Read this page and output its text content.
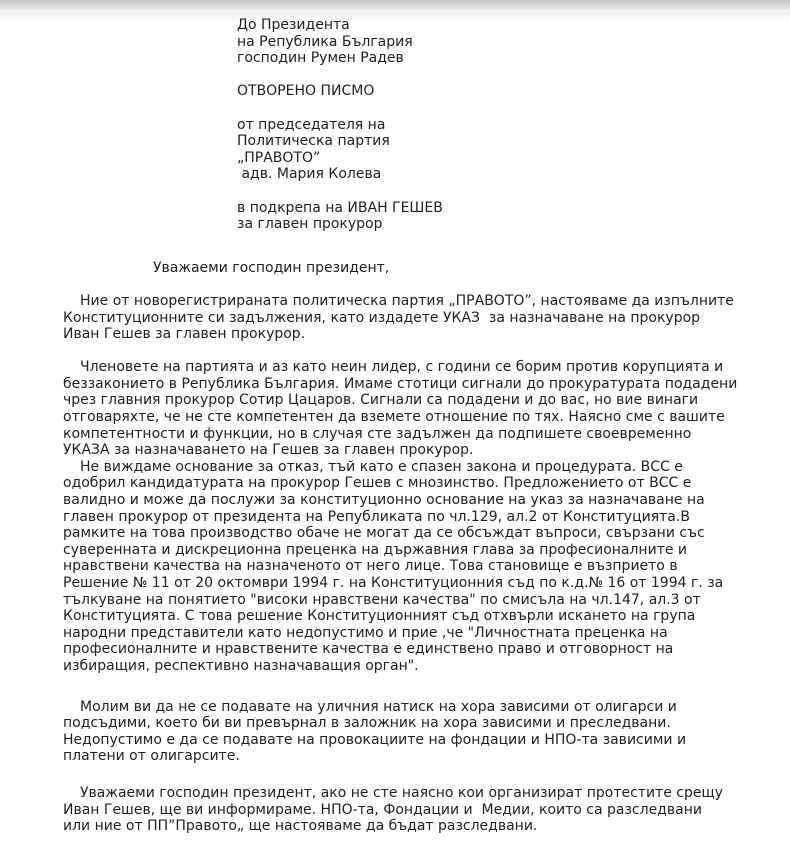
До Президента
на Република България
господин Румен Радев
ОТВОРЕНО ПИСМО
от председателя на
Политическа партия
„ПРАВОТО”
адв. Мария Колева
в подкрепа на ИВАН ГЕШЕВ
за главен прокурор
Уважаеми господин президент,
Ние от новорегистрираната политическа партия „ПРАВОТО”, настояваме да изпълните
Конституционните си задължения, като издадете УКАЗ  за назначаване на прокурор
Иван Гешев за главен прокурор.
Членовете на партията и аз като неин лидер, с години се борим против корупцията и
беззаконието в Република България. Имаме стотици сигнали до прокуратурата подадени
чрез главния прокурор Сотир Цацаров. Сигнали са подадени и до вас, но вие винаги
отговаряхте, че не сте компетентен да вземете отношение по тях. Наясно сме с вашите
компетентности и функции, но в случая сте задължен да подпишете своевременно
УКАЗА за назначаването на Гешев за главен прокурор.
Не виждаме основание за отказ, тъй като е спазен закона и процедурата. ВСС е
одобрил кандидатурата на прокурор Гешев с мнозинство. Предложението от ВСС е
валидно и може да послужи за конституционно основание на указ за назначаване на
главен прокурор от президента на Републиката по чл.129, ал.2 от Конституцията.В
рамките на това производство обаче не могат да се обсъждат въпроси, свързани със
суверенната и дискреционна преценка на държавния глава за професионалните и
нравствени качества на назначеното от него лице. Това становище е възприето в
Решение № 11 от 20 октомври 1994 г. на Конституционния съд по к.д.№ 16 от 1994 г. за
тълкуване на понятието "високи нравствени качества" по смисъла на чл.147, ал.3 от
Конституцията. С това решение Конституционният съд отхвърли искането на група
народни представители като недопустимо и прие ,че "Личностната преценка на
професионалните и нравствените качества е единствено право и отговорност на
избиращия, респективно назначаващия орган".
Молим ви да не се подавате на уличния натиск на хора зависими от олигарси и
подсъдими, което би ви превърнал в заложник на хора зависими и преследвани.
Недопустимо е да се подавате на провокациите на фондации и НПО-та зависими и
платени от олигарсите.
Уважаеми господин президент, ако не сте наясно кои организират протестите срещу
Иван Гешев, ще ви информираме. НПО-та, Фондации и  Медии, които са разследвани
или ние от ПП”Правото„ ще настояваме да бъдат разследвани.
